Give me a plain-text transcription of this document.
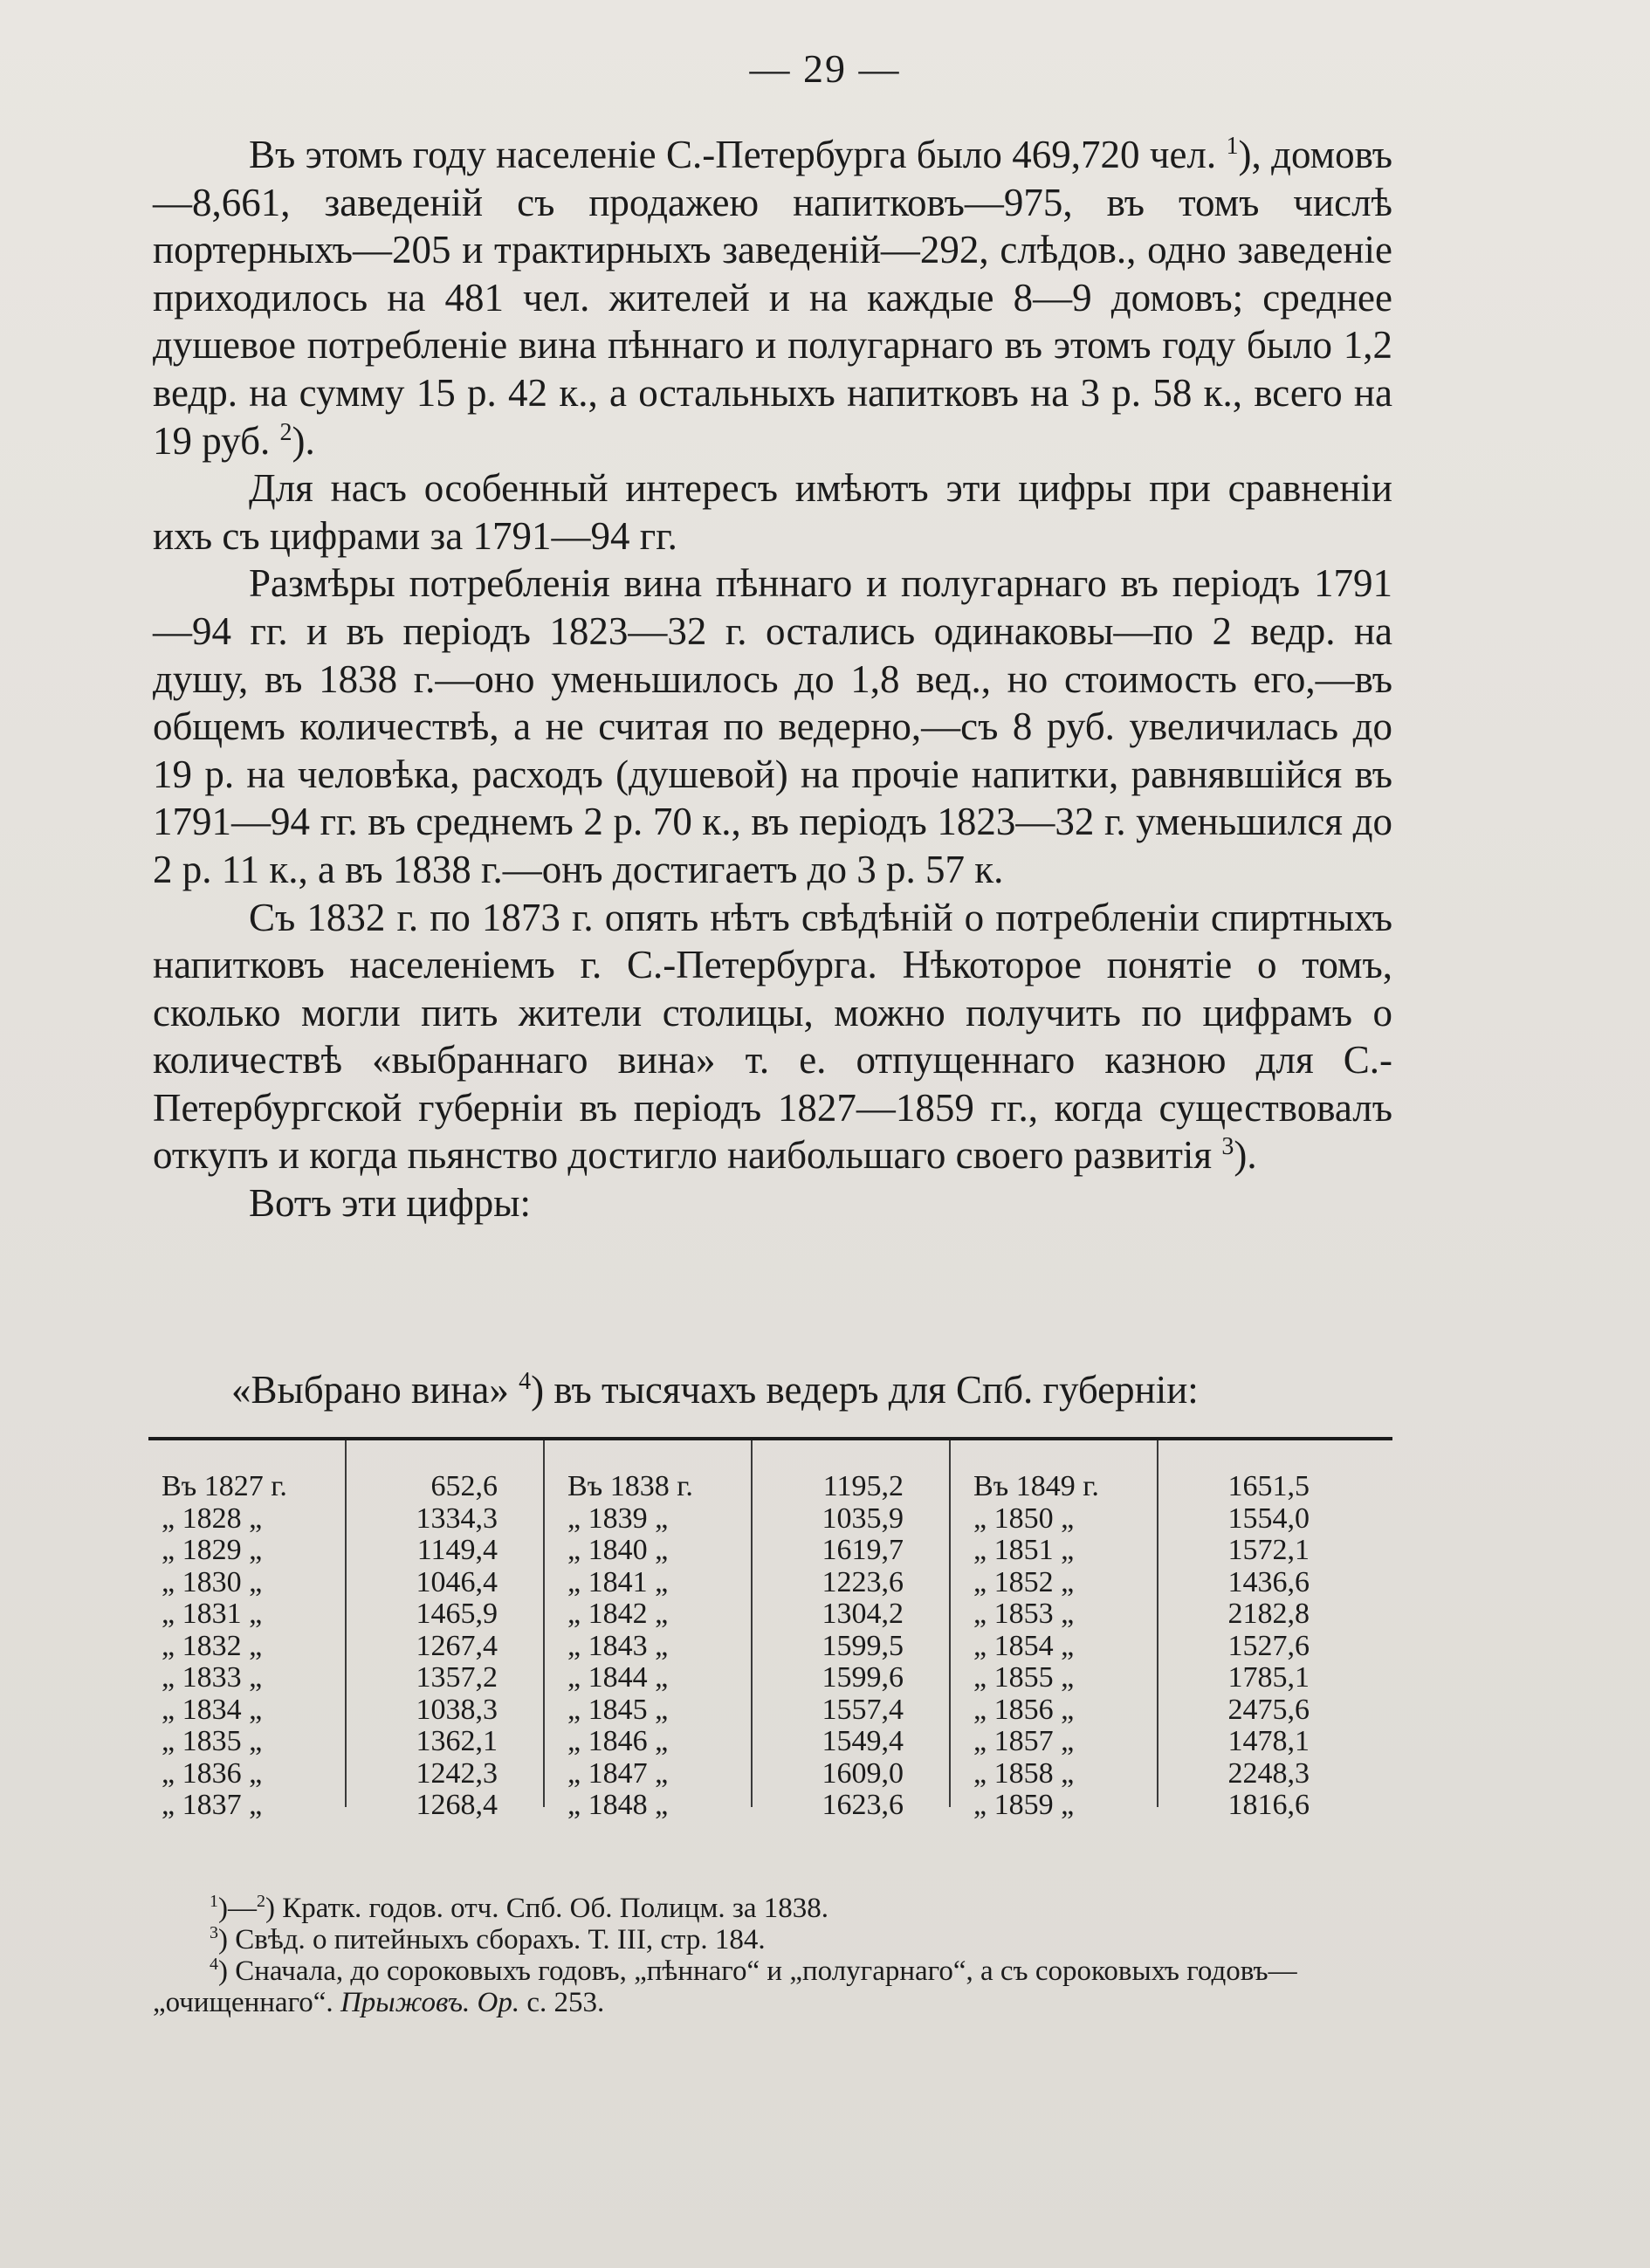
— 29 —

Въ этомъ году населеніе С.-Петербурга было 469,720 чел. $^1$), домовъ—8,661, заведеній съ продажею напитковъ—975, въ томъ числѣ портерныхъ—205 и трактирныхъ заведеній—292, слѣдов., одно заведеніе приходилось на 481 чел. жителей и на каждые 8—9 домовъ; среднее душевое потребленіе вина пѣннаго и полугарнаго въ этомъ году было 1,2 ведр. на сумму 15 р. 42 к., а остальныхъ напитковъ на 3 р. 58 к., всего на 19 руб. $^2$).

Для насъ особенный интересъ имѣютъ эти цифры при сравненіи ихъ съ цифрами за 1791—94 гг.

Размѣры потребленія вина пѣннаго и полугарнаго въ періодъ 1791—94 гг. и въ періодъ 1823—32 г. остались одинаковы—по 2 ведр. на душу, въ 1838 г.—оно уменьшилось до 1,8 вед., но стоимость его,—въ общемъ количествѣ, а не считая по ведерно,—съ 8 руб. увеличилась до 19 р. на человѣка, расходъ (душевой) на прочіе напитки, равнявшійся въ 1791—94 гг. въ среднемъ 2 р. 70 к., въ періодъ 1823—32 г. уменьшился до 2 р. 11 к., а въ 1838 г.—онъ достигаетъ до 3 р. 57 к.

Съ 1832 г. по 1873 г. опять нѣтъ свѣдѣній о потребленіи спиртныхъ напитковъ населеніемъ г. С.-Петербурга. Нѣкоторое понятіе о томъ, сколько могли пить жители столицы, можно получить по цифрамъ о количествѣ «выбраннаго вина» т. е. отпущеннаго казною для С.-Петербургской губерніи въ періодъ 1827—1859 гг., когда существовалъ откупъ и когда пьянство достигло наибольшаго своего развитія $^3$).

Вотъ эти цифры:

«Выбрано вина» $^4$) въ тысячахъ ведеръ для Спб. губерніи:
Въ 1827 г.
„ 1828 „
„ 1829 „
„ 1830 „
„ 1831 „
„ 1832 „
„ 1833 „
„ 1834 „
„ 1835 „
„ 1836 „
„ 1837 „
652,6
1334,3
1149,4
1046,4
1465,9
1267,4
1357,2
1038,3
1362,1
1242,3
1268,4
Въ 1838 г.
„ 1839 „
„ 1840 „
„ 1841 „
„ 1842 „
„ 1843 „
„ 1844 „
„ 1845 „
„ 1846 „
„ 1847 „
„ 1848 „
1195,2
1035,9
1619,7
1223,6
1304,2
1599,5
1599,6
1557,4
1549,4
1609,0
1623,6
Въ 1849 г.
„ 1850 „
„ 1851 „
„ 1852 „
„ 1853 „
„ 1854 „
„ 1855 „
„ 1856 „
„ 1857 „
„ 1858 „
„ 1859 „
1651,5
1554,0
1572,1
1436,6
2182,8
1527,6
1785,1
2475,6
1478,1
2248,3
1816,6

$^1$)—$^2$) Кратк. годов. отч. Спб. Об. Полицм. за 1838.

$^3$) Свѣд. о питейныхъ сборахъ. Т. III, стр. 184.

$^4$) Сначала, до сороковыхъ годовъ, „пѣннаго“ и „полугарнаго“, а съ сороковыхъ годовъ—„очищеннаго“. Прыжовъ. Ор. с. 253.
